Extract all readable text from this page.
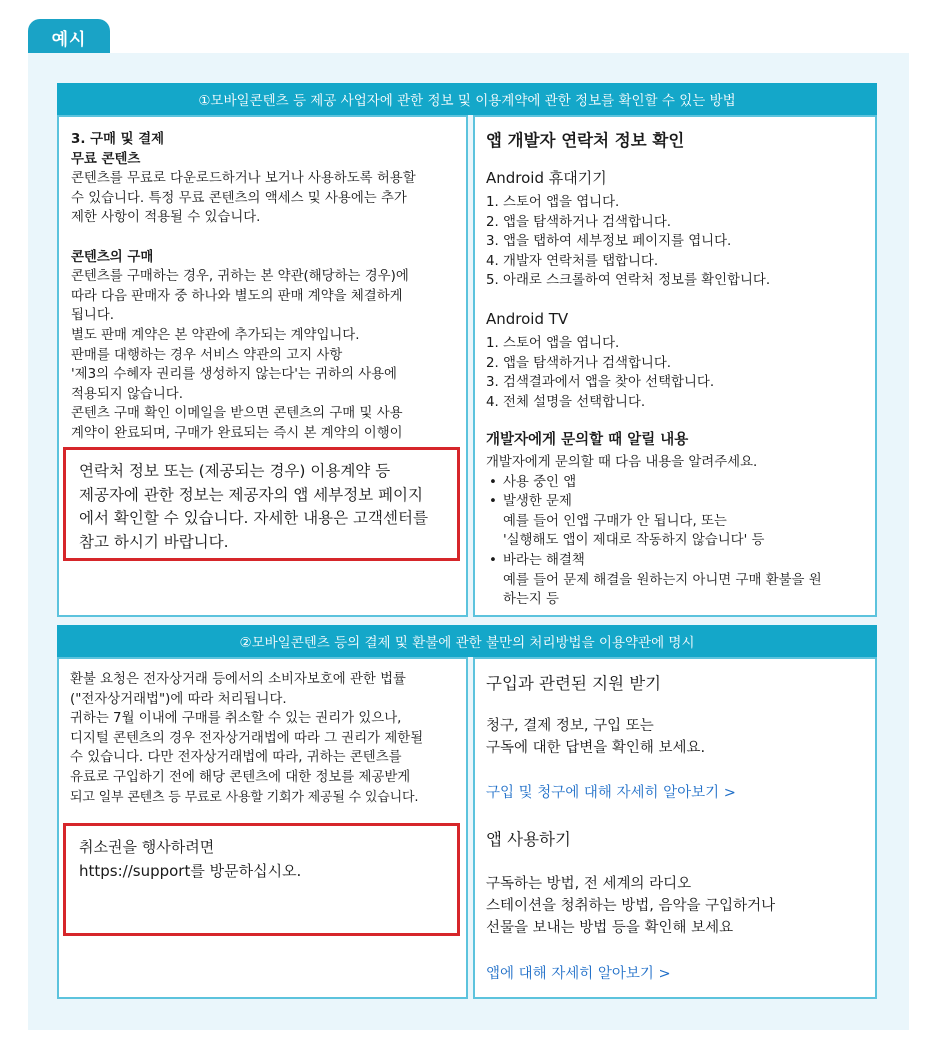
예시
①모바일콘텐츠 등 제공 사업자에 관한 정보 및 이용계약에 관한 정보를 확인할 수 있는 방법
3. 구매 및 결제
무료 콘텐츠
콘텐츠를 무료로 다운로드하거나 보거나 사용하도록 허용할
수 있습니다. 특정 무료 콘텐츠의 액세스 및 사용에는 추가
제한 사항이 적용될 수 있습니다.
콘텐츠의 구매
콘텐츠를 구매하는 경우, 귀하는 본 약관(해당하는 경우)에
따라 다음 판매자 중 하나와 별도의 판매 계약을 체결하게
됩니다.
별도 판매 계약은 본 약관에 추가되는 계약입니다.
판매를 대행하는 경우 서비스 약관의 고지 사항
'제3의 수혜자 권리를 생성하지 않는다'는 귀하의 사용에
적용되지 않습니다.
콘텐츠 구매 확인 이메일을 받으면 콘텐츠의 구매 및 사용
계약이 완료되며, 구매가 완료되는 즉시 본 계약의 이행이
연락처 정보 또는 (제공되는 경우) 이용계약 등
제공자에 관한 정보는 제공자의 앱 세부정보 페이지
에서 확인할 수 있습니다. 자세한 내용은 고객센터를
참고 하시기 바랍니다.
앱 개발자 연락처 정보 확인
Android 휴대기기
1. 스토어 앱을 엽니다.
2. 앱을 탐색하거나 검색합니다.
3. 앱을 탭하여 세부정보 페이지를 엽니다.
4. 개발자 연락처를 탭합니다.
5. 아래로 스크롤하여 연락처 정보를 확인합니다.
Android TV
1. 스토어 앱을 엽니다.
2. 앱을 탐색하거나 검색합니다.
3. 검색결과에서 앱을 찾아 선택합니다.
4. 전체 설명을 선택합니다.
개발자에게 문의할 때 알릴 내용
개발자에게 문의할 때 다음 내용을 알려주세요.
• 사용 중인 앱
• 발생한 문제
예를 들어 인앱 구매가 안 됩니다, 또는
'실행해도 앱이 제대로 작동하지 않습니다' 등
• 바라는 해결책
예를 들어 문제 해결을 원하는지 아니면 구매 환불을 원
하는지 등
②모바일콘텐츠 등의 결제 및 환불에 관한 불만의 처리방법을 이용약관에 명시
환불 요청은 전자상거래 등에서의 소비자보호에 관한 법률
("전자상거래법")에 따라 처리됩니다.
귀하는 7월 이내에 구매를 취소할 수 있는 권리가 있으나,
디지털 콘텐츠의 경우 전자상거래법에 따라 그 권리가 제한될
수 있습니다. 다만 전자상거래법에 따라, 귀하는 콘텐츠를
유료로 구입하기 전에 해당 콘텐츠에 대한 정보를 제공받게
되고 일부 콘텐츠 등 무료로 사용할 기회가 제공될 수 있습니다.
취소권을 행사하려면
https://support를 방문하십시오.
구입과 관련된 지원 받기
청구, 결제 정보, 구입 또는
구독에 대한 답변을 확인해 보세요.
구입 및 청구에 대해 자세히 알아보기 >
앱 사용하기
구독하는 방법, 전 세계의 라디오
스테이션을 청취하는 방법, 음악을 구입하거나
선물을 보내는 방법 등을 확인해 보세요
앱에 대해 자세히 알아보기 >
